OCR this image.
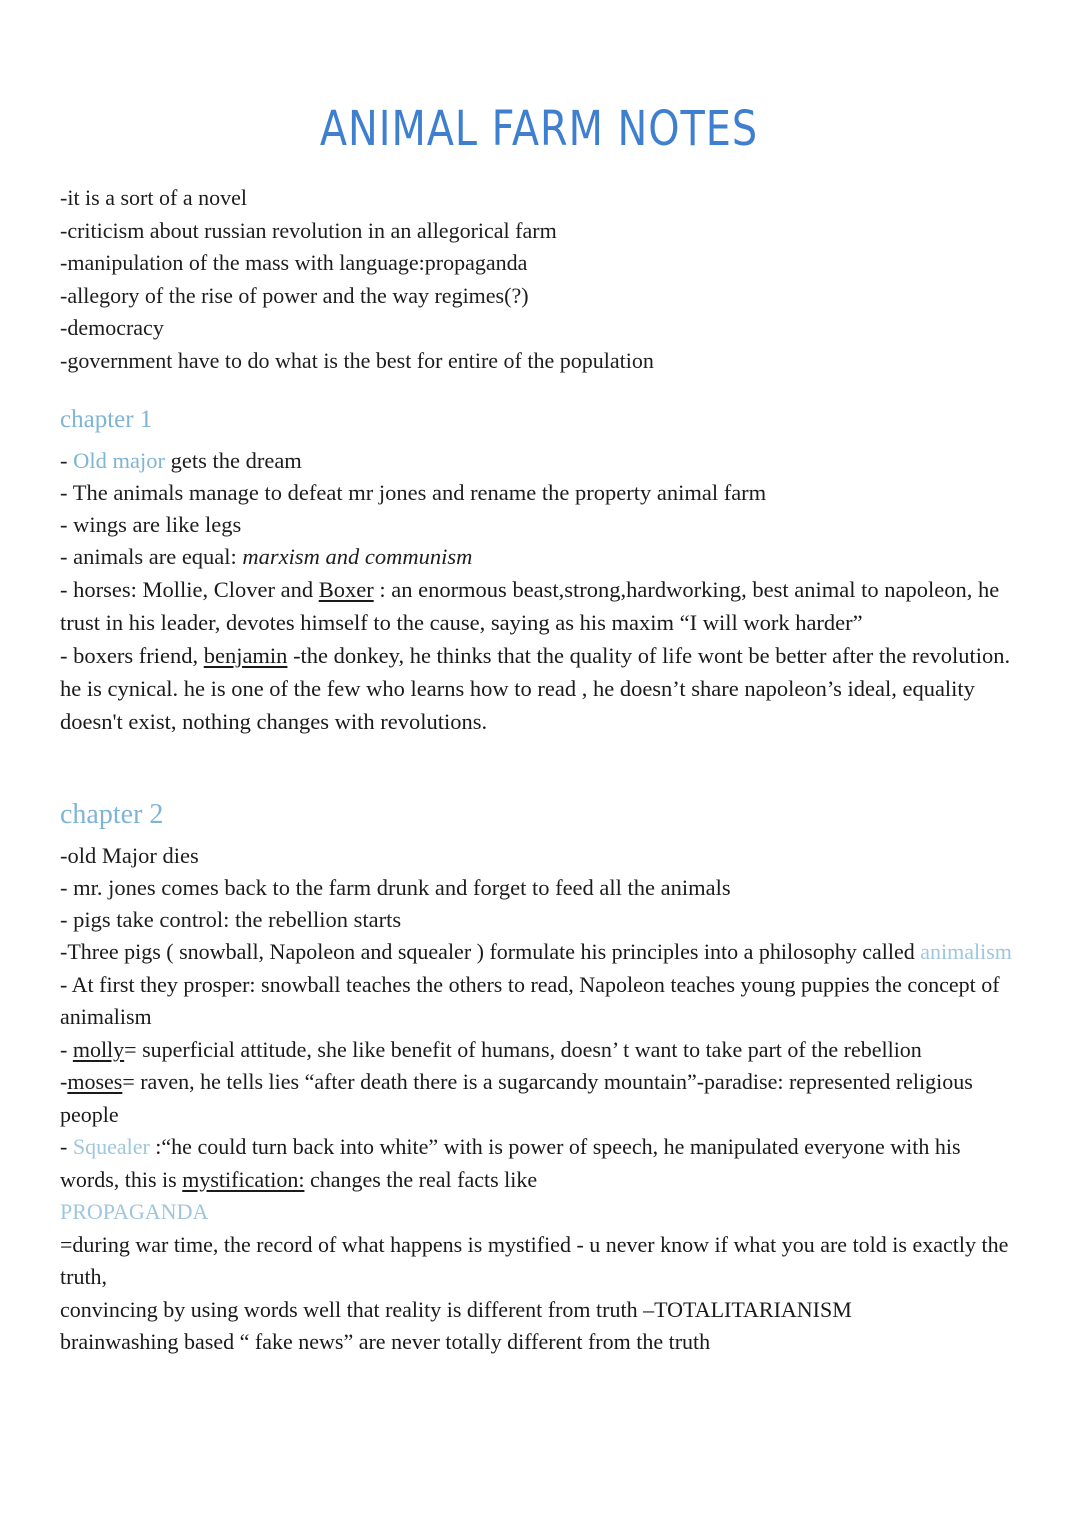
ANIMAL FARM NOTES

-it is a sort of a novel

-criticism about russian revolution in an allegorical farm

-manipulation of the mass with language:propaganda

-allegory of the rise of power and the way regimes(?)

-democracy

-government have to do what is the best for entire of the population

chapter 1

- Old major gets the dream

- The animals manage to defeat mr jones and rename the property animal farm

- wings are like legs

- animals are equal: marxism and communism

- horses: Mollie, Clover and Boxer : an enormous beast,strong,hardworking, best animal to napoleon, he trust in his leader, devotes himself to the cause, saying as his maxim “I will work harder”

- boxers friend, benjamin -the donkey, he thinks that the quality of life wont be better after the revolution. he is cynical. he is one of the few who learns how to read , he doesn’t share napoleon’s ideal, equality doesn't exist, nothing changes with revolutions.

chapter 2

-old Major dies

- mr. jones comes back to the farm drunk and forget to feed all the animals

- pigs take control: the rebellion starts

-Three pigs ( snowball, Napoleon and squealer ) formulate his principles into a philosophy called animalism

- At first they prosper: snowball teaches the others to read, Napoleon teaches young puppies the concept of animalism

- molly= superficial attitude, she like benefit of humans, doesn’ t want to take part of the rebellion

-moses= raven, he tells lies “after death there is a sugarcandy mountain”-paradise: represented religious people

- Squealer :“he could turn back into white” with is power of speech, he manipulated everyone with his words, this is mystification: changes the real facts like

PROPAGANDA

=during war time, the record of what happens is mystified - u never know if what you are told is exactly the truth,

convincing by using words well that reality is different from truth –TOTALITARIANISM

brainwashing based “ fake news” are never totally different from the truth
